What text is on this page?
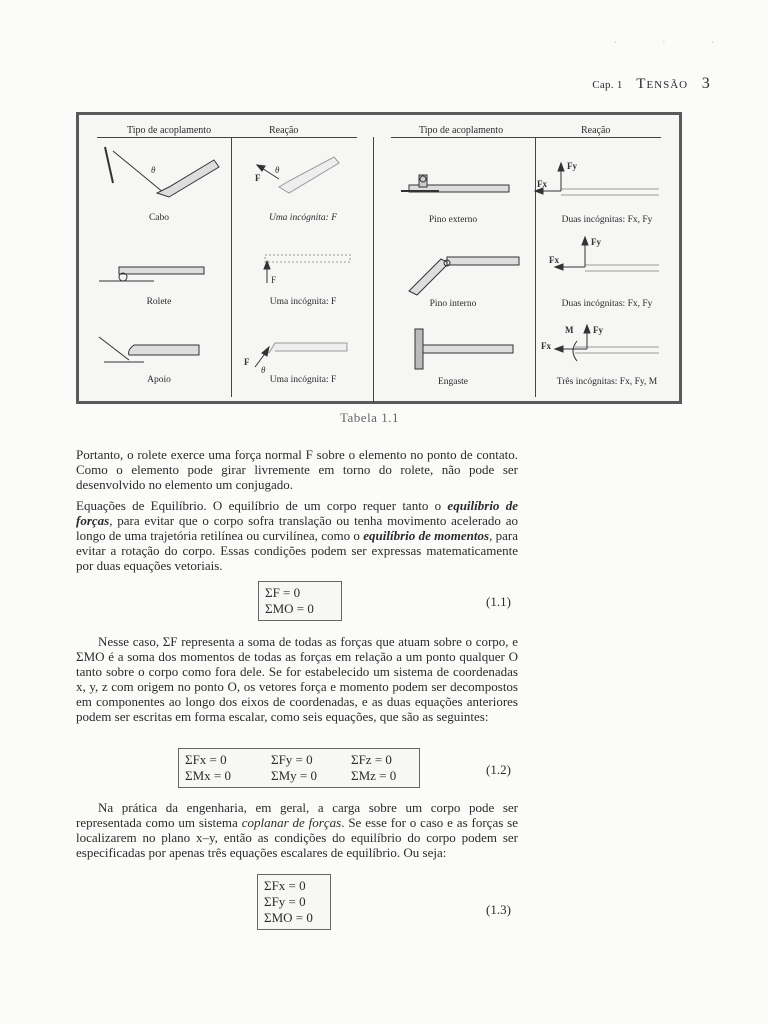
· · ·
Cap. 1 Tensão 3
Tipo de acoplamento	Reação	Tipo de acoplamento	Reação
θ	θ
F
F
F
θ
Fy
Fx
Fy
Fx
M Fy
Fx
Cabo	Uma incógnita: F
Rolete	Uma incógnita: F
Apoio	Uma incógnita: F
Pino externo	Duas incógnitas: Fx, Fy
Pino interno	Duas incógnitas: Fx, Fy
Engaste	Três incógnitas: Fx, Fy, M
Tabela 1.1
Portanto, o rolete exerce uma força normal F sobre o elemento no ponto de contato. Como o elemento pode girar livremente em torno do rolete, não pode ser desenvolvido no elemento um conjugado.
Equações de Equilíbrio. O equilíbrio de um corpo requer tanto o equilíbrio de forças, para evitar que o corpo sofra translação ou tenha movimento acelerado ao longo de uma trajetória retilínea ou curvilínea, como o equilíbrio de momentos, para evitar a rotação do corpo. Essas condições podem ser expressas matematicamente por duas equações vetoriais.
ΣF = 0
ΣMO = 0	(1.1)
Nesse caso, ΣF representa a soma de todas as forças que atuam sobre o corpo, e ΣMO é a soma dos momentos de todas as forças em relação a um ponto qualquer O tanto sobre o corpo como fora dele. Se for estabelecido um sistema de coordenadas x, y, z com origem no ponto O, os vetores força e momento podem ser decompostos em componentes ao longo dos eixos de coordenadas, e as duas equações anteriores podem ser escritas em forma escalar, como seis equações, que são as seguintes:
ΣFx = 0	ΣFy = 0	ΣFz = 0
ΣMx = 0	ΣMy = 0	ΣMz = 0	(1.2)
Na prática da engenharia, em geral, a carga sobre um corpo pode ser representada como um sistema coplanar de forças. Se esse for o caso e as forças se localizarem no plano x–y, então as condições do equilíbrio do corpo podem ser especificadas por apenas três equações escalares de equilíbrio. Ou seja:
ΣFx = 0
ΣFy = 0
ΣMO = 0
(1.3)
